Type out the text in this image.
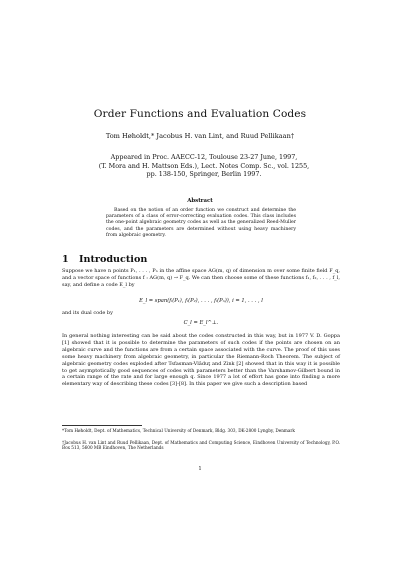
Order Functions and Evaluation Codes
Tom Høholdt,* Jacobus H. van Lint, and Ruud Pellikaan†
Appeared in Proc. AAECC-12, Toulouse 23-27 June, 1997,
(T. Mora and H. Mattson Eds.), Lect. Notes Comp. Sc., vol. 1255,
pp. 138-150, Springer, Berlin 1997.
Abstract
Based on the notion of an order function we construct and determine the parameters of a class of error-correcting evaluation codes. This class includes the one-point algebraic geometry codes as well as the generalized Reed-Muller codes, and the parameters are determined without using heavy machinery from algebraic geometry.
1 Introduction
Suppose we have n points P₁, . . . , Pₙ in the affine space AG(m, q) of dimension m over some finite field F_q, and a vector space of functions f : AG(m, q) → F_q. We can then choose some of these functions f₁, f₂, . . . , f_l, say, and define a code E_l by
E_l = span(fᵢ(P₁), fᵢ(P₂), . . . , fᵢ(Pₙ)), i = 1, . . . , l
and its dual code by
C_l = E_l^⊥.
In general nothing interesting can be said about the codes constructed in this way, but in 1977 V. D. Goppa [1] showed that it is possible to determine the parameters of such codes if the points are chosen on an algebraic curve and the functions are from a certain space associated with the curve. The proof of this uses some heavy machinery from algebraic geometry, in particular the Riemann-Roch Theorem. The subject of algebraic geometry codes exploded after Tsfasman-Vlăduţ and Zink [2] showed that in this way it is possible to get asymptotically good sequences of codes with parameters better than the Varshamov-Gilbert bound in a certain range of the rate and for large enough q. Since 1977 a lot of effort has gone into finding a more elementary way of describing these codes [3]-[8]. In this paper we give such a description based
*Tom Høholdt, Dept. of Mathematics, Technical University of Denmark, Bldg. 303, DK-2800 Lyngby, Denmark
†Jacobus H. van Lint and Ruud Pellikaan, Dept. of Mathematics and Computing Science, Eindhoven University of Technology, P.O. Box 513, 5600 MB Eindhoven, The Netherlands
1
